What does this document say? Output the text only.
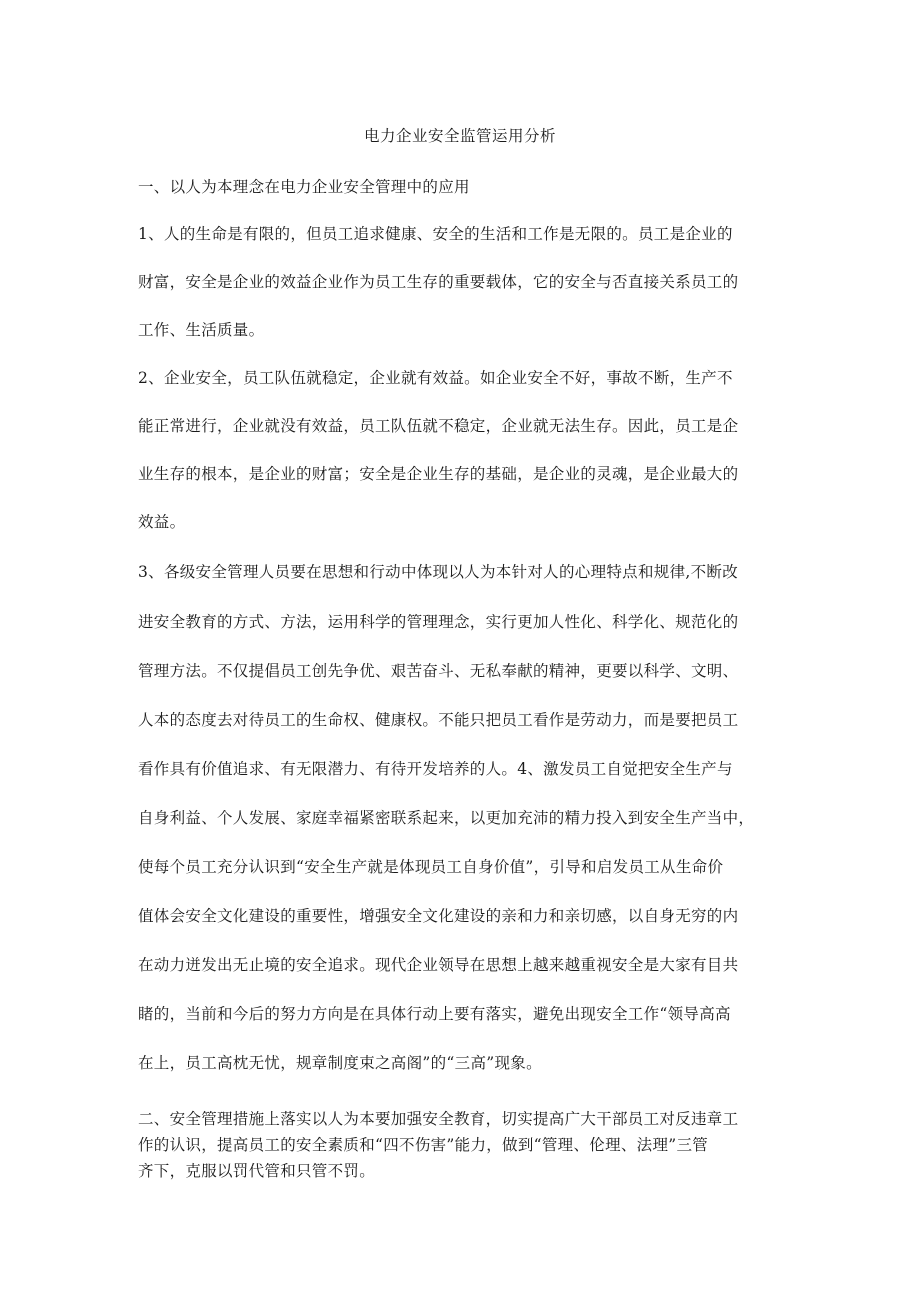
电力企业安全监管运用分析
一、以人为本理念在电力企业安全管理中的应用
1、人的生命是有限的，但员工追求健康、安全的生活和工作是无限的。员工是企业的
财富，安全是企业的效益企业作为员工生存的重要载体，它的安全与否直接关系员工的
工作、生活质量。
2、企业安全，员工队伍就稳定，企业就有效益。如企业安全不好，事故不断，生产不
能正常进行，企业就没有效益，员工队伍就不稳定，企业就无法生存。因此，员工是企
业生存的根本，是企业的财富；安全是企业生存的基础，是企业的灵魂，是企业最大的
效益。
3、各级安全管理人员要在思想和行动中体现以人为本针对人的心理特点和规律,不断改
进安全教育的方式、方法，运用科学的管理理念，实行更加人性化、科学化、规范化的
管理方法。不仅提倡员工创先争优、艰苦奋斗、无私奉献的精神，更要以科学、文明、
人本的态度去对待员工的生命权、健康权。不能只把员工看作是劳动力，而是要把员工
看作具有价值追求、有无限潜力、有待开发培养的人。4、激发员工自觉把安全生产与
自身利益、个人发展、家庭幸福紧密联系起来，以更加充沛的精力投入到安全生产当中，
使每个员工充分认识到“安全生产就是体现员工自身价值”，引导和启发员工从生命价
值体会安全文化建设的重要性，增强安全文化建设的亲和力和亲切感，以自身无穷的内
在动力迸发出无止境的安全追求。现代企业领导在思想上越来越重视安全是大家有目共
睹的，当前和今后的努力方向是在具体行动上要有落实，避免出现安全工作“领导高高
在上，员工高枕无忧，规章制度束之高阁”的“三高”现象。
二、安全管理措施上落实以人为本要加强安全教育，切实提高广大干部员工对反违章工
作的认识，提高员工的安全素质和“四不伤害”能力，做到“管理、伦理、法理”三管
齐下，克服以罚代管和只管不罚。
